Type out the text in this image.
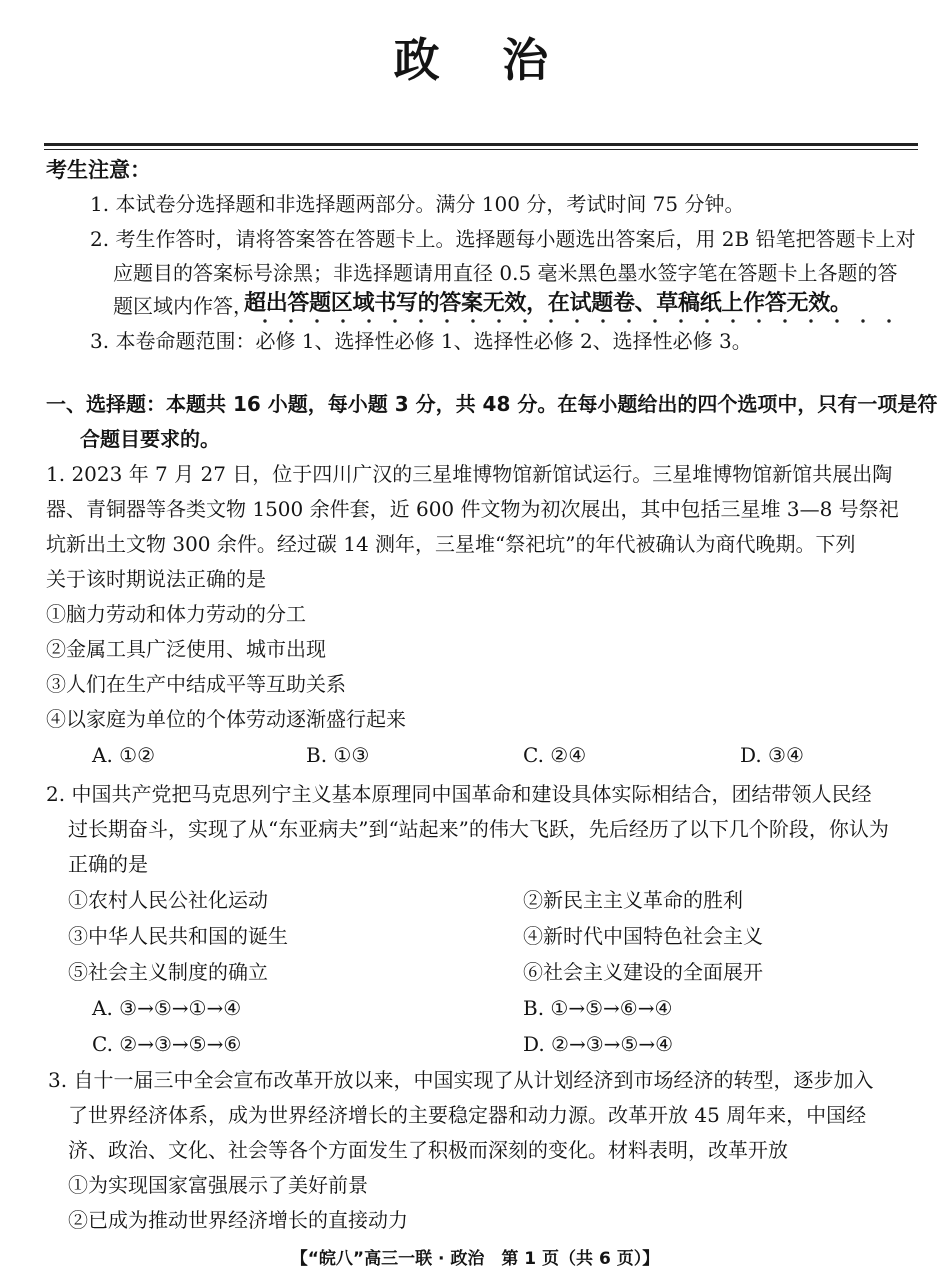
政　治
考生注意：
1. 本试卷分选择题和非选择题两部分。满分 100 分，考试时间 75 分钟。
2. 考生作答时，请将答案答在答题卡上。选择题每小题选出答案后，用 2B 铅笔把答题卡上对
应题目的答案标号涂黑；非选择题请用直径 0.5 毫米黑色墨水签字笔在答题卡上各题的答
题区域内作答，
超出答题区域书写的答案无效，在试题卷、草稿纸上作答无效。
3. 本卷命题范围：必修 1、选择性必修 1、选择性必修 2、选择性必修 3。
一、选择题：本题共 16 小题，每小题 3 分，共 48 分。在每小题给出的四个选项中，只有一项是符
合题目要求的。
1. 2023 年 7 月 27 日，位于四川广汉的三星堆博物馆新馆试运行。三星堆博物馆新馆共展出陶
器、青铜器等各类文物 1500 余件套，近 600 件文物为初次展出，其中包括三星堆 3—8 号祭祀
坑新出土文物 300 余件。经过碳 14 测年，三星堆“祭祀坑”的年代被确认为商代晚期。下列
关于该时期说法正确的是
①脑力劳动和体力劳动的分工
②金属工具广泛使用、城市出现
③人们在生产中结成平等互助关系
④以家庭为单位的个体劳动逐渐盛行起来
A. ①②	B. ①③	C. ②④	D. ③④
2. 中国共产党把马克思列宁主义基本原理同中国革命和建设具体实际相结合，团结带领人民经
过长期奋斗，实现了从“东亚病夫”到“站起来”的伟大飞跃，先后经历了以下几个阶段，你认为
正确的是
①农村人民公社化运动	②新民主主义革命的胜利
③中华人民共和国的诞生	④新时代中国特色社会主义
⑤社会主义制度的确立	⑥社会主义建设的全面展开
A. ③→⑤→①→④	B. ①→⑤→⑥→④
C. ②→③→⑤→⑥	D. ②→③→⑤→④
3. 自十一届三中全会宣布改革开放以来，中国实现了从计划经济到市场经济的转型，逐步加入
了世界经济体系，成为世界经济增长的主要稳定器和动力源。改革开放 45 周年来，中国经
济、政治、文化、社会等各个方面发生了积极而深刻的变化。材料表明，改革开放
①为实现国家富强展示了美好前景
②已成为推动世界经济增长的直接动力
【“皖八”高三一联 · 政治　第 1 页（共 6 页）】
